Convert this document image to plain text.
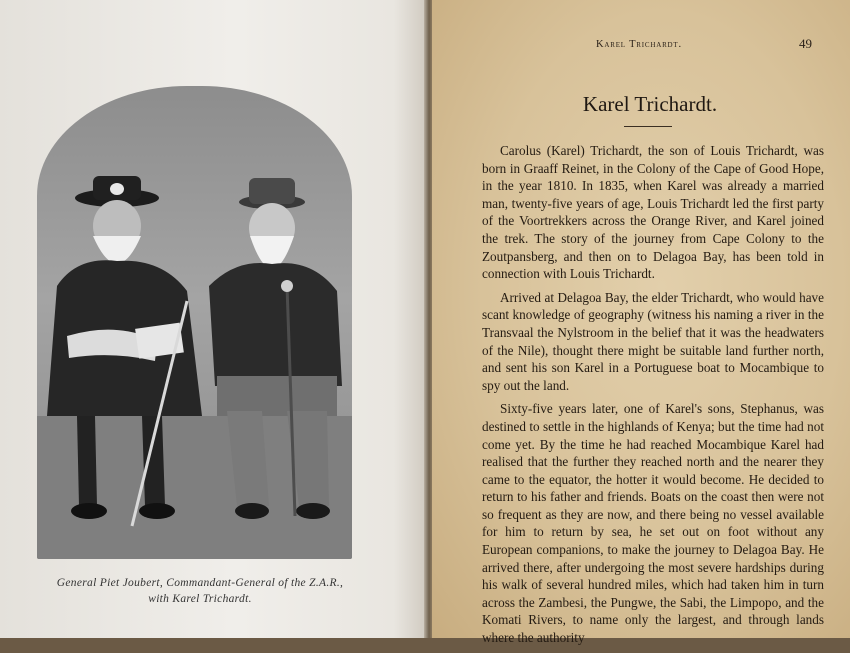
General Piet Joubert, Commandant-General of the Z.A.R.,
with Karel Trichardt.
Karel Trichardt.	49
Karel Trichardt.

Carolus (Karel) Trichardt, the son of Louis Trichardt, was born in Graaff Reinet, in the Colony of the Cape of Good Hope, in the year 1810. In 1835, when Karel was already a married man, twenty-five years of age, Louis Trichardt led the first party of the Voortrekkers across the Orange River, and Karel joined the trek. The story of the journey from Cape Colony to the Zoutpansberg, and then on to Delagoa Bay, has been told in connection with Louis Trichardt.

Arrived at Delagoa Bay, the elder Trichardt, who would have scant knowledge of geography (witness his naming a river in the Transvaal the Nylstroom in the belief that it was the headwaters of the Nile), thought there might be suitable land further north, and sent his son Karel in a Portuguese boat to Mocambique to spy out the land.

Sixty-five years later, one of Karel's sons, Stephanus, was destined to settle in the highlands of Kenya; but the time had not come yet. By the time he had reached Mocambique Karel had realised that the further they reached north and the nearer they came to the equator, the hotter it would become. He decided to return to his father and friends. Boats on the coast then were not so frequent as they are now, and there being no vessel available for him to return by sea, he set out on foot without any European companions, to make the journey to Delagoa Bay. He arrived there, after undergoing the most severe hardships during his walk of several hundred miles, which had taken him in turn across the Zambesi, the Pungwe, the Sabi, the Limpopo, and the Komati Rivers, to name only the largest, and through lands where the authority
